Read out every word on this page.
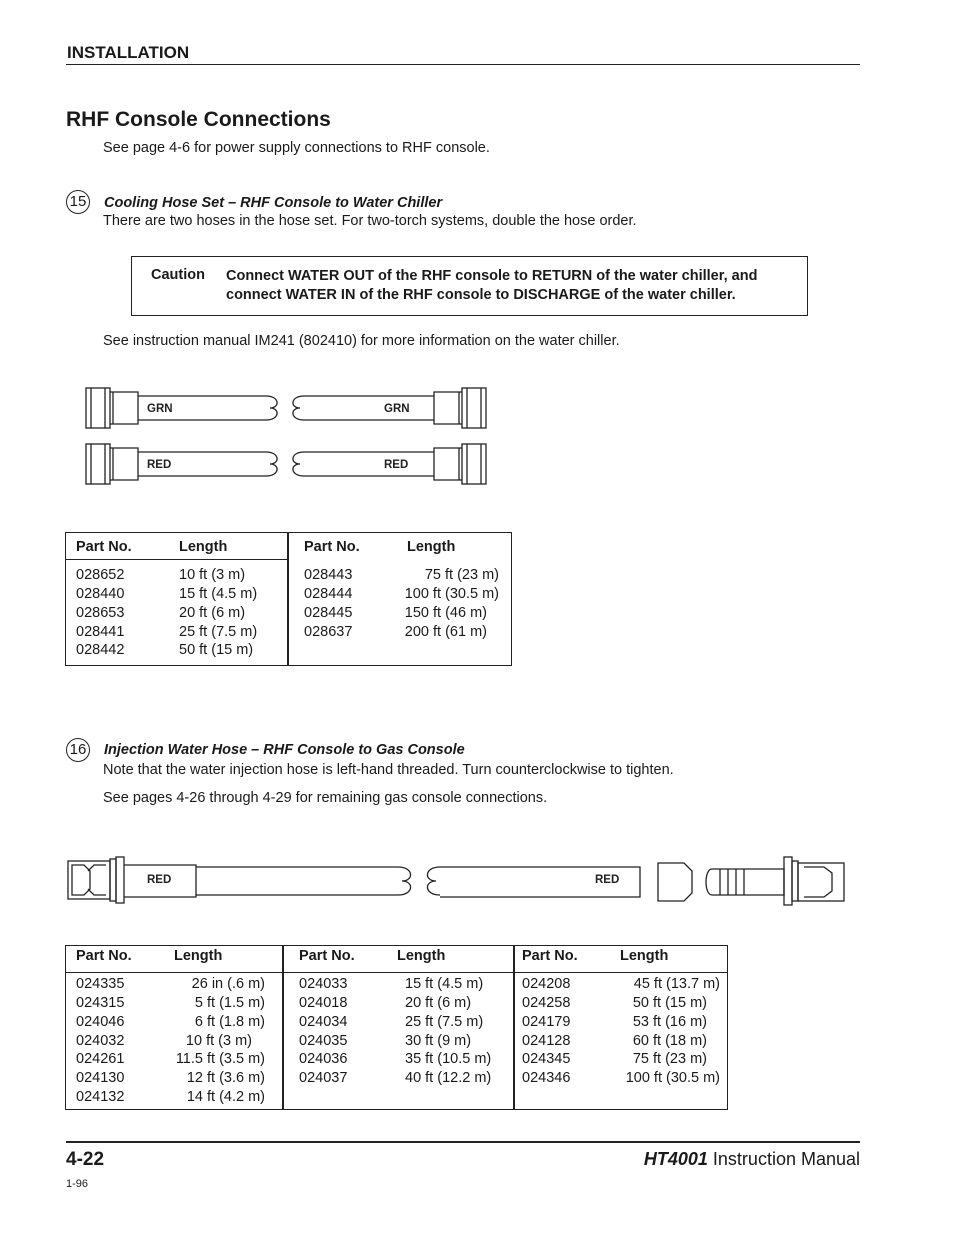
INSTALLATION
RHF Console Connections
See page 4-6 for power supply connections to RHF console.
15 Cooling Hose Set – RHF Console to Water Chiller
There are two hoses in the hose set. For two-torch systems, double the hose order.
Caution Connect WATER OUT of the RHF console to RETURN of the water chiller, and connect WATER IN of the RHF console to DISCHARGE of the water chiller.
See instruction manual IM241 (802410) for more information on the water chiller.
GRN	GRN
RED	RED
Part No.	Length
028652	10 ft (3 m)
028440	15 ft (4.5 m)
028653	20 ft (6 m)
028441	25 ft (7.5 m)
028442	50 ft (15 m)
Part No.	Length
028443	75 ft (23 m)
028444	100 ft (30.5 m)
028445	150 ft (46 m)
028637	200 ft (61 m)
16 Injection Water Hose – RHF Console to Gas Console
Note that the water injection hose is left-hand threaded. Turn counterclockwise to tighten.
See pages 4-26 through 4-29 for remaining gas console connections.
RED	RED
Part No.	Length
024335	26 in (.6 m)
024315	5 ft (1.5 m)
024046	6 ft (1.8 m)
024032	10 ft (3 m)
024261	11.5 ft (3.5 m)
024130	12 ft (3.6 m)
024132	14 ft (4.2 m)
Part No.	Length
024033	15 ft (4.5 m)
024018	20 ft (6 m)
024034	25 ft (7.5 m)
024035	30 ft (9 m)
024036	35 ft (10.5 m)
024037	40 ft (12.2 m)
Part No.	Length
024208	45 ft (13.7 m)
024258	50 ft (15 m)
024179	53 ft (16 m)
024128	60 ft (18 m)
024345	75 ft (23 m)
024346	100 ft (30.5 m)
4-22
1-96
HT4001 Instruction Manual
